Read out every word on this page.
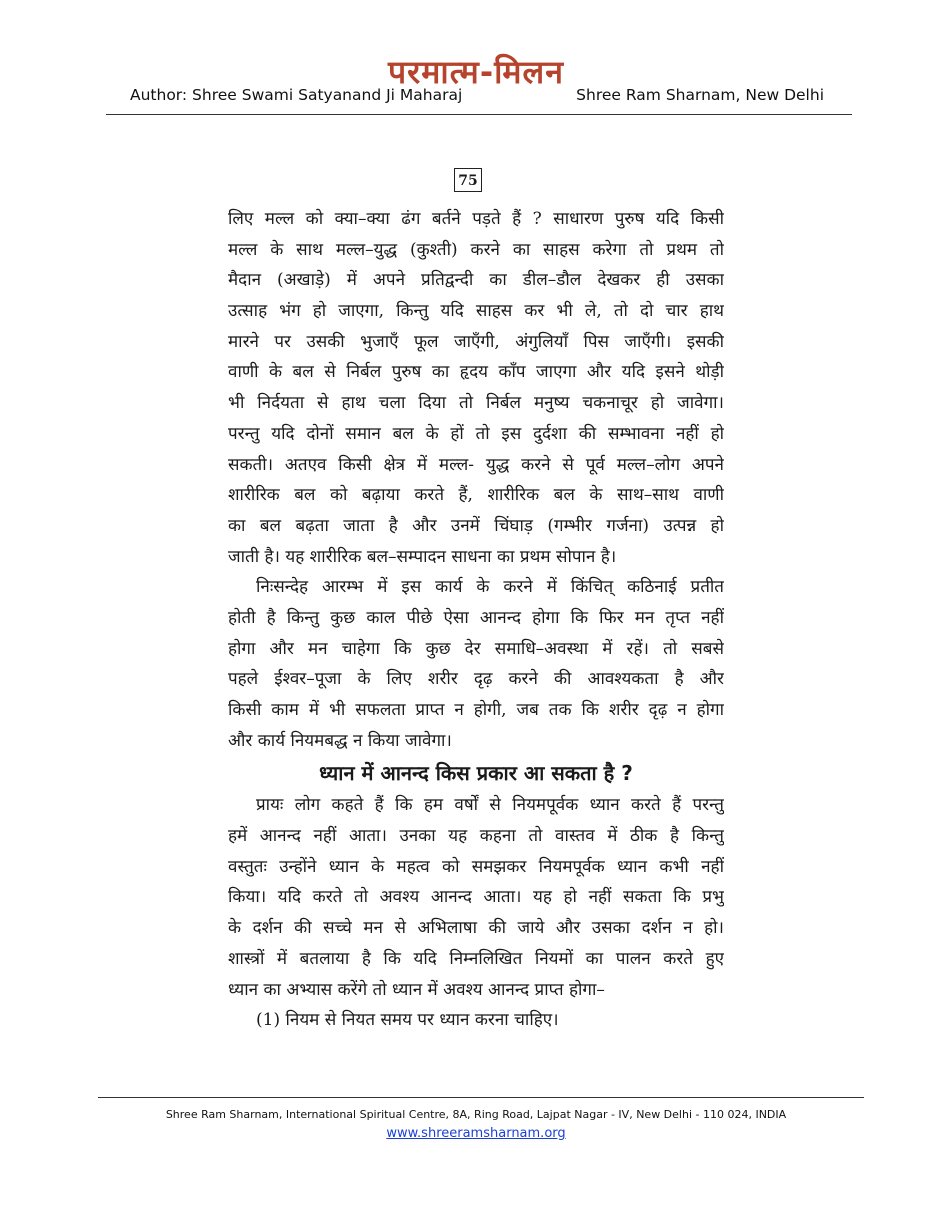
परमात्म-मिलन
Author: Shree Swami Satyanand Ji Maharaj	Shree Ram Sharnam, New Delhi
75
लिए मल्ल को क्या–क्या ढंग बर्तने पड़ते हैं ? साधारण पुरुष यदि किसी
मल्ल के साथ मल्ल–युद्ध (कुश्ती) करने का साहस करेगा तो प्रथम तो
मैदान (अखाड़े) में अपने प्रतिद्वन्दी का डील–डौल देखकर ही उसका
उत्साह भंग हो जाएगा, किन्तु यदि साहस कर भी ले, तो दो चार हाथ
मारने पर उसकी भुजाएँ फूल जाएँगी, अंगुलियाँ पिस जाएँगी। इसकी
वाणी के बल से निर्बल पुरुष का हृदय काँप जाएगा और यदि इसने थोड़ी
भी निर्दयता से हाथ चला दिया तो निर्बल मनुष्य चकनाचूर हो जावेगा।
परन्तु यदि दोनों समान बल के हों तो इस दुर्दशा की सम्भावना नहीं हो
सकती। अतएव किसी क्षेत्र में मल्ल- युद्ध करने से पूर्व मल्ल–लोग अपने
शारीरिक बल को बढ़ाया करते हैं, शारीरिक बल के साथ–साथ वाणी
का बल बढ़ता जाता है और उनमें चिंघाड़ (गम्भीर गर्जना) उत्पन्न हो
जाती है। यह शारीरिक बल–सम्पादन साधना का प्रथम सोपान है।
निःसन्देह आरम्भ में इस कार्य के करने में किंचित् कठिनाई प्रतीत
होती है किन्तु कुछ काल पीछे ऐसा आनन्द होगा कि फिर मन तृप्त नहीं
होगा और मन चाहेगा कि कुछ देर समाधि–अवस्था में रहें। तो सबसे
पहले ईश्वर–पूजा के लिए शरीर दृढ़ करने की आवश्यकता है और
किसी काम में भी सफलता प्राप्त न होगी, जब तक कि शरीर दृढ़ न होगा
और कार्य नियमबद्ध न किया जावेगा।
ध्यान में आनन्द किस प्रकार आ सकता है ?
प्रायः लोग कहते हैं कि हम वर्षों से नियमपूर्वक ध्यान करते हैं परन्तु
हमें आनन्द नहीं आता। उनका यह कहना तो वास्तव में ठीक है किन्तु
वस्तुतः उन्होंने ध्यान के महत्व को समझकर नियमपूर्वक ध्यान कभी नहीं
किया। यदि करते तो अवश्य आनन्द आता। यह हो नहीं सकता कि प्रभु
के दर्शन की सच्चे मन से अभिलाषा की जाये और उसका दर्शन न हो।
शास्त्रों में बतलाया है कि यदि निम्नलिखित नियमों का पालन करते हुए
ध्यान का अभ्यास करेंगे तो ध्यान में अवश्य आनन्द प्राप्त होगा–
(1) नियम से नियत समय पर ध्यान करना चाहिए।
Shree Ram Sharnam, International Spiritual Centre, 8A, Ring Road, Lajpat Nagar - IV, New Delhi - 110 024, INDIA
www.shreeramsharnam.org
